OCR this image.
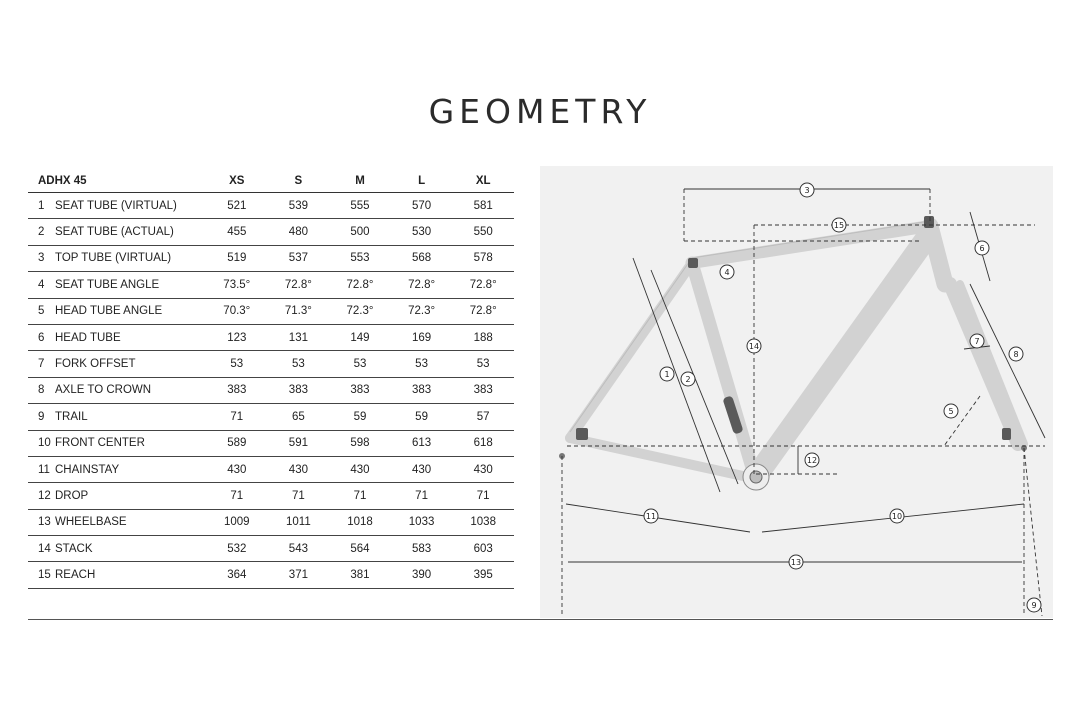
GEOMETRY
ADHX 45	XS	S	M	L	XL
1 SEAT TUBE (VIRTUAL)	521	539	555	570	581
2 SEAT TUBE (ACTUAL)	455	480	500	530	550
3 TOP TUBE (VIRTUAL)	519	537	553	568	578
4 SEAT TUBE ANGLE	73.5°	72.8°	72.8°	72.8°	72.8°
5 HEAD TUBE ANGLE	70.3°	71.3°	72.3°	72.3°	72.8°
6 HEAD TUBE	123	131	149	169	188
7 FORK OFFSET	53	53	53	53	53
8 AXLE TO CROWN	383	383	383	383	383
9 TRAIL	71	65	59	59	57
10 FRONT CENTER	589	591	598	613	618
11 CHAINSTAY	430	430	430	430	430
12 DROP	71	71	71	71	71
13 WHEELBASE	1009	1011	1018	1033	1038
14 STACK	532	543	564	583	603
15 REACH	364	371	381	390	395
3
15
4
6
14
1
2
7
8
5
12
11	10
13
9
